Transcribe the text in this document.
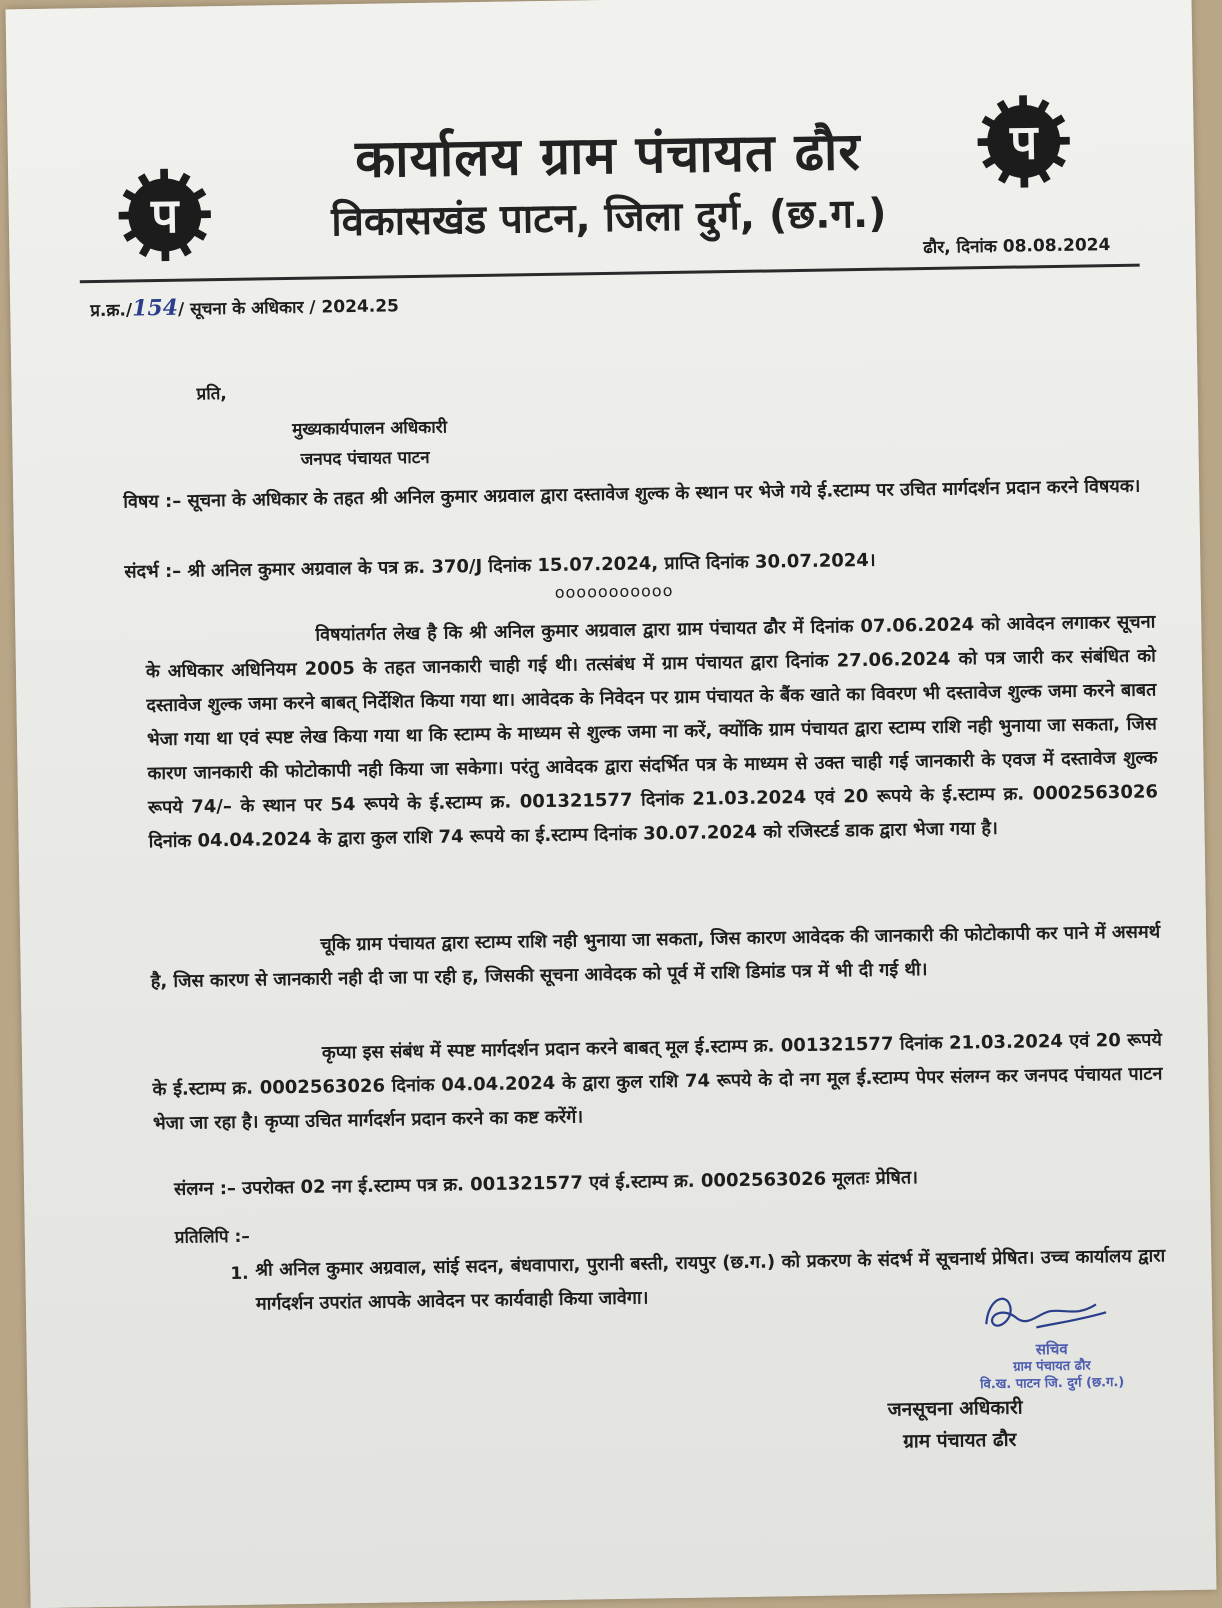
प
प
कार्यालय ग्राम पंचायत ढौर
विकासखंड पाटन, जिला दुर्ग, (छ.ग.)
ढौर, दिनांक 08.08.2024
प्र.क्र./154/ सूचना के अधिकार / 2024.25
प्रति,
मुख्यकार्यपालन अधिकारी
जनपद पंचायत पाटन
विषय :– सूचना के अधिकार के तहत श्री अनिल कुमार अग्रवाल द्वारा दस्तावेज शुल्क के स्थान पर भेजे गये ई.स्टाम्प पर उचित मार्गदर्शन प्रदान करने विषयक।
संदर्भ :– श्री अनिल कुमार अग्रवाल के पत्र क्र. 370/J दिनांक 15.07.2024, प्राप्ति दिनांक 30.07.2024।
ooooooooooo
विषयांतर्गत लेख है कि श्री अनिल कुमार अग्रवाल द्वारा ग्राम पंचायत ढौर में दिनांक 07.06.2024 को आवेदन लगाकर सूचना के अधिकार अधिनियम 2005 के तहत जानकारी चाही गई थी। तत्संबंध में ग्राम पंचायत द्वारा दिनांक 27.06.2024 को पत्र जारी कर संबंधित को दस्तावेज शुल्क जमा करने बाबत् निर्देशित किया गया था। आवेदक के निवेदन पर ग्राम पंचायत के बैंक खाते का विवरण भी दस्तावेज शुल्क जमा करने बाबत भेजा गया था एवं स्पष्ट लेख किया गया था कि स्टाम्प के माध्यम से शुल्क जमा ना करें, क्योंकि ग्राम पंचायत द्वारा स्टाम्प राशि नही भुनाया जा सकता, जिस कारण जानकारी की फोटोकापी नही किया जा सकेगा। परंतु आवेदक द्वारा संदर्भित पत्र के माध्यम से उक्त चाही गई जानकारी के एवज में दस्तावेज शुल्क रूपये 74/– के स्थान पर 54 रूपये के ई.स्टाम्प क्र. 001321577 दिनांक 21.03.2024 एवं 20 रूपये के ई.स्टाम्प क्र. 0002563026 दिनांक 04.04.2024 के द्वारा कुल राशि 74 रूपये का ई.स्टाम्प दिनांक 30.07.2024 को रजिस्टर्ड डाक द्वारा भेजा गया है।
चूकि ग्राम पंचायत द्वारा स्टाम्प राशि नही भुनाया जा सकता, जिस कारण आवेदक की जानकारी की फोटोकापी कर पाने में असमर्थ है, जिस कारण से जानकारी नही दी जा पा रही ह, जिसकी सूचना आवेदक को पूर्व में राशि डिमांड पत्र में भी दी गई थी।
कृप्या इस संबंध में स्पष्ट मार्गदर्शन प्रदान करने बाबत् मूल ई.स्टाम्प क्र. 001321577 दिनांक 21.03.2024 एवं 20 रूपये के ई.स्टाम्प क्र. 0002563026 दिनांक 04.04.2024 के द्वारा कुल राशि 74 रूपये के दो नग मूल ई.स्टाम्प पेपर संलग्न कर जनपद पंचायत पाटन भेजा जा रहा है। कृप्या उचित मार्गदर्शन प्रदान करने का कष्ट करेंगें।
संलग्न :– उपरोक्त 02 नग ई.स्टाम्प पत्र क्र. 001321577 एवं ई.स्टाम्प क्र. 0002563026 मूलतः प्रेषित।
प्रतिलिपि :–
1. श्री अनिल कुमार अग्रवाल, सांई सदन, बंधवापारा, पुरानी बस्ती, रायपुर (छ.ग.) को प्रकरण के संदर्भ में सूचनार्थ प्रेषित। उच्च कार्यालय द्वारा मार्गदर्शन उपरांत आपके आवेदन पर कार्यवाही किया जावेगा।
सचिव
ग्राम पंचायत ढौर
वि.ख. पाटन जि. दुर्ग (छ.ग.)
जनसूचना अधिकारी
ग्राम पंचायत ढौर
